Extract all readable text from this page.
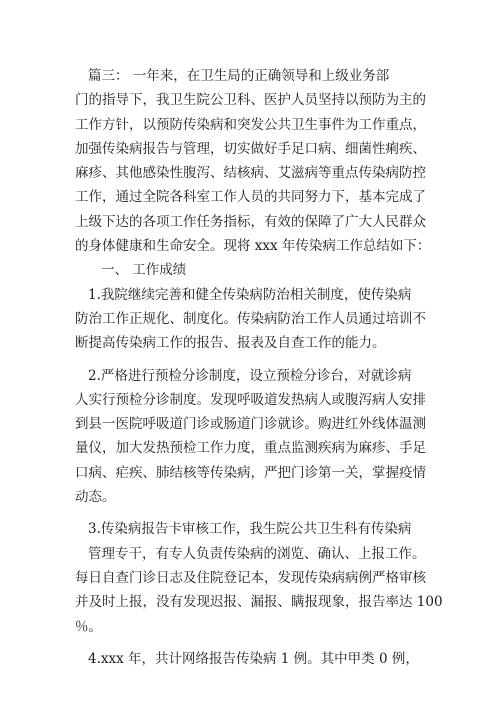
篇三： 一年来，在卫生局的正确领导和上级业务部
门的指导下，我卫生院公卫科、医护人员坚持以预防为主的
工作方针，以预防传染病和突发公共卫生事件为工作重点，
加强传染病报告与管理，切实做好手足口病、细菌性痢疾、
麻疹、其他感染性腹泻、结核病、艾滋病等重点传染病防控
工作，通过全院各科室工作人员的共同努力下，基本完成了
上级下达的各项工作任务指标，有效的保障了广大人民群众
的身体健康和生命安全。现将 xxx 年传染病工作总结如下：
一、 工作成绩
1.我院继续完善和健全传染病防治相关制度，使传染病
防治工作正规化、制度化。传染病防治工作人员通过培训不
断提高传染病工作的报告、报表及自查工作的能力。
2.严格进行预检分诊制度，设立预检分诊台，对就诊病
人实行预检分诊制度。发现呼吸道发热病人或腹泻病人安排
到县一医院呼吸道门诊或肠道门诊就诊。购进红外线体温测
量仪，加大发热预检工作力度，重点监测疾病为麻疹、手足
口病、疟疾、肺结核等传染病，严把门诊第一关，掌握疫情
动态。
3.传染病报告卡审核工作，我生院公共卫生科有传染病
管理专干，有专人负责传染病的浏览、确认、上报工作。
每日自查门诊日志及住院登记本，发现传染病病例严格审核
并及时上报，没有发现迟报、漏报、瞒报现象，报告率达 100
％。
4.xxx 年，共计网络报告传染病 1 例。其中甲类 0 例，
